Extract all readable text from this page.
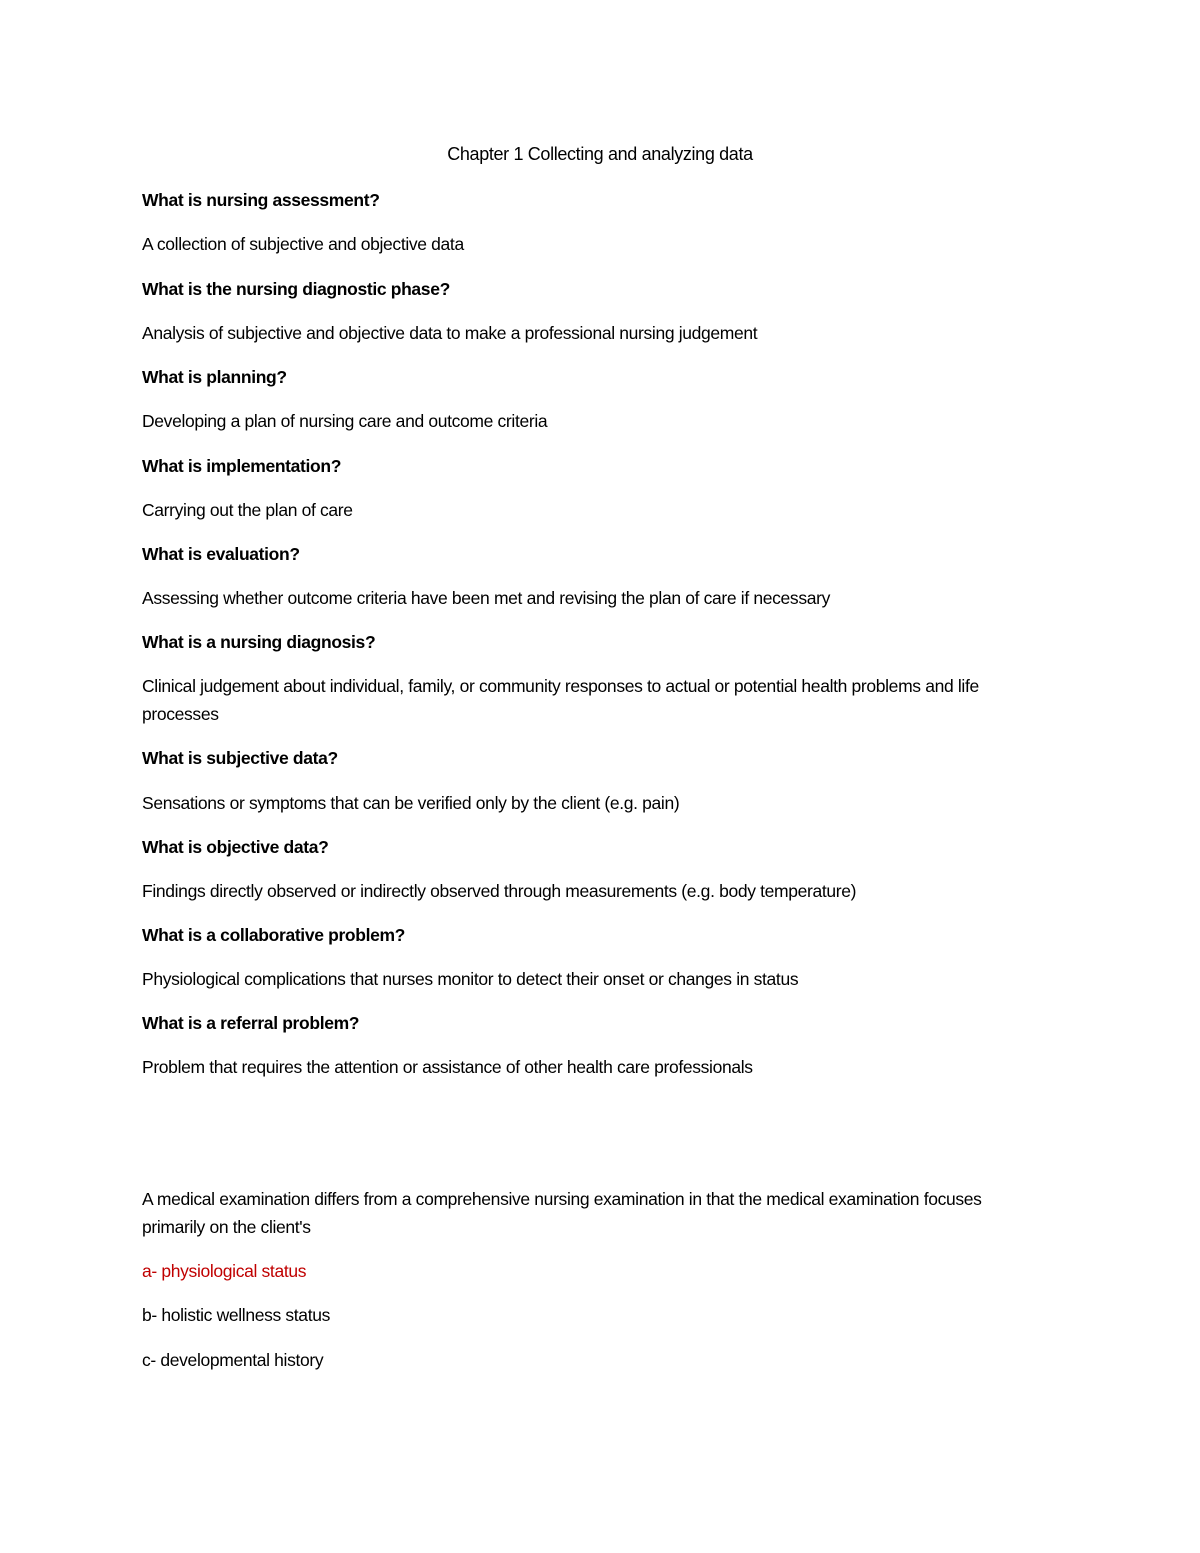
Chapter 1 Collecting and analyzing data
What is nursing assessment?
A collection of subjective and objective data
What is the nursing diagnostic phase?
Analysis of subjective and objective data to make a professional nursing judgement
What is planning?
Developing a plan of nursing care and outcome criteria
What is implementation?
Carrying out the plan of care
What is evaluation?
Assessing whether outcome criteria have been met and revising the plan of care if necessary
What is a nursing diagnosis?
Clinical judgement about individual, family, or community responses to actual or potential health problems and life processes
What is subjective data?
Sensations or symptoms that can be verified only by the client (e.g. pain)
What is objective data?
Findings directly observed or indirectly observed through measurements (e.g. body temperature)
What is a collaborative problem?
Physiological complications that nurses monitor to detect their onset or changes in status
What is a referral problem?
Problem that requires the attention or assistance of other health care professionals
A medical examination differs from a comprehensive nursing examination in that the medical examination focuses primarily on the client's
a- physiological status
b- holistic wellness status
c- developmental history
